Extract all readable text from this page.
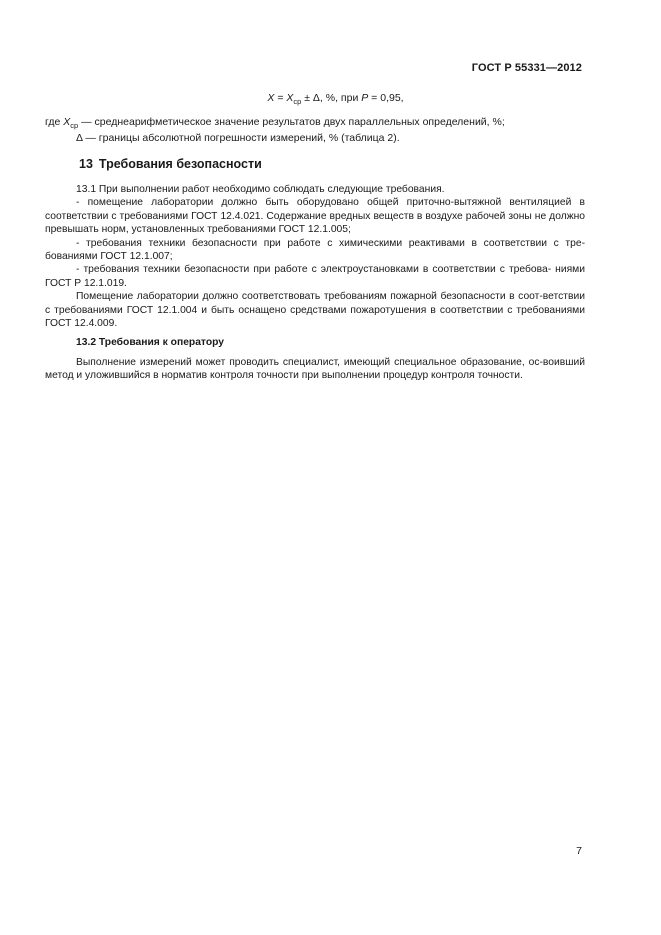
ГОСТ Р 55331—2012
$X = X_{ср} \pm \Delta$, %, при P = 0,95,
где $X_{ср}$ — среднеарифметическое значение результатов двух параллельных определений, %;
Δ — границы абсолютной погрешности измерений, % (таблица 2).
13 Требования безопасности

13.1 При выполнении работ необходимо соблюдать следующие требования.

- помещение лаборатории должно быть оборудовано общей приточно-вытяжной вентиляцией в соответствии с требованиями ГОСТ 12.4.021. Содержание вредных веществ в воздухе рабочей зоны не должно превышать норм, установленных требованиями ГОСТ 12.1.005;

- требования техники безопасности при работе с химическими реактивами в соответствии с тре-бованиями ГОСТ 12.1.007;

- требования техники безопасности при работе с электроустановками в соответствии с требова- ниями ГОСТ Р 12.1.019.

Помещение лаборатории должно соответствовать требованиям пожарной безопасности в соот-ветствии с требованиями ГОСТ 12.1.004 и быть оснащено средствами пожаротушения в соответствии с требованиями ГОСТ 12.4.009.

13.2 Требования к оператору

Выполнение измерений может проводить специалист, имеющий специальное образование, ос-воивший метод и уложившийся в норматив контроля точности при выполнении процедур контроля точности.

7
